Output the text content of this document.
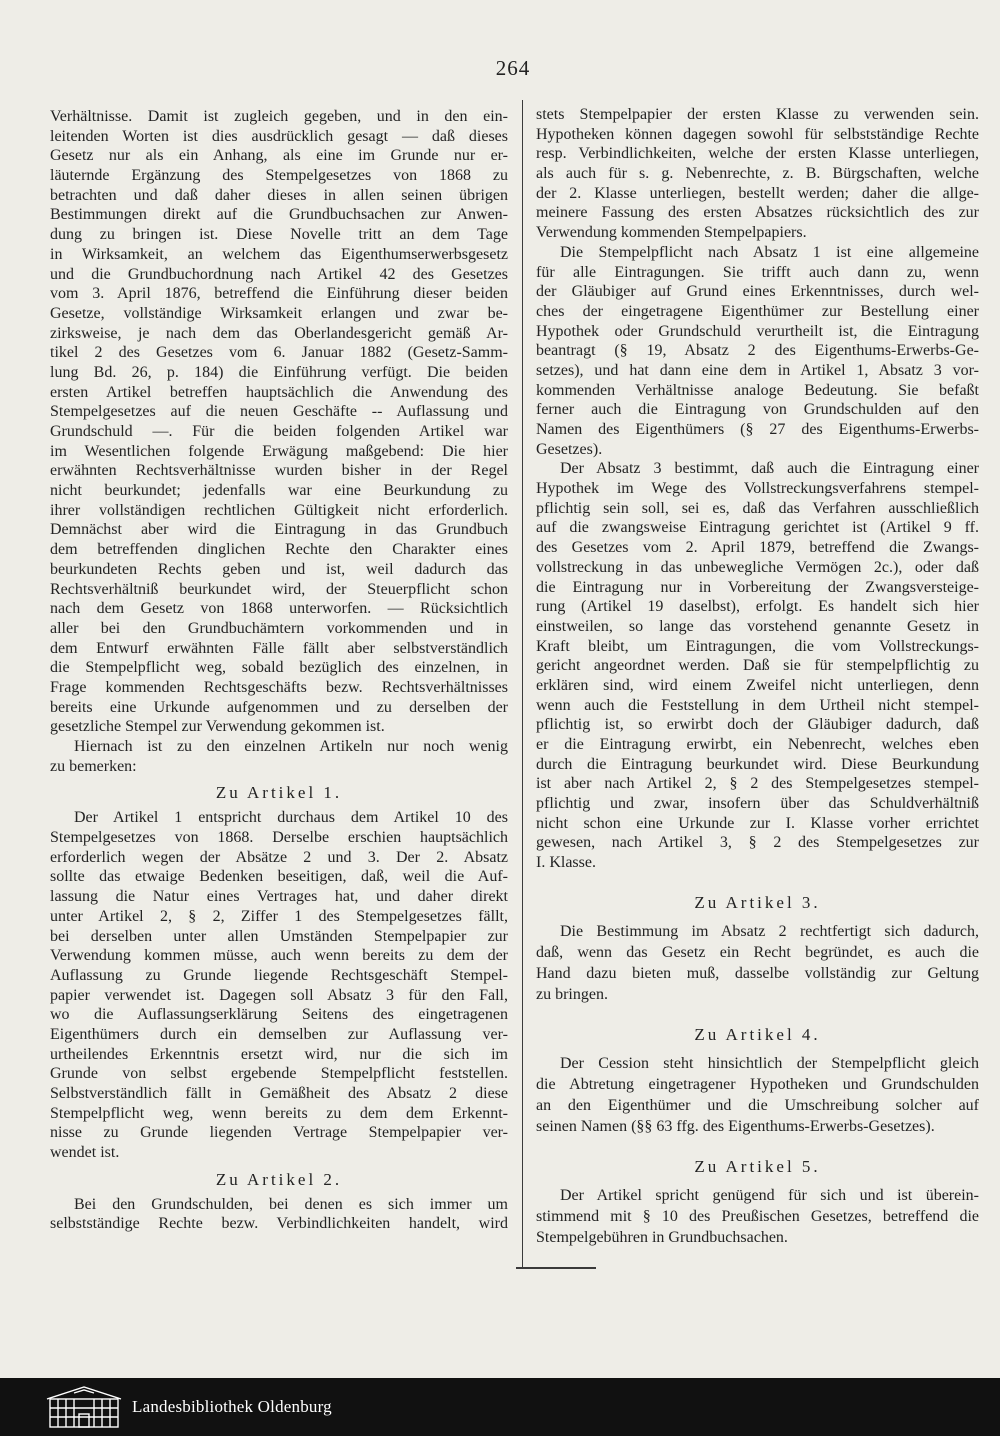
264
Verhältnisse. Damit ist zugleich gegeben, und in den ein-
leitenden Worten ist dies ausdrücklich gesagt — daß dieses
Gesetz nur als ein Anhang, als eine im Grunde nur er-
läuternde Ergänzung des Stempelgesetzes von 1868 zu
betrachten und daß daher dieses in allen seinen übrigen
Bestimmungen direkt auf die Grundbuchsachen zur Anwen-
dung zu bringen ist. Diese Novelle tritt an dem Tage
in Wirksamkeit, an welchem das Eigenthumserwerbsgesetz
und die Grundbuchordnung nach Artikel 42 des Gesetzes
vom 3. April 1876, betreffend die Einführung dieser beiden
Gesetze, vollständige Wirksamkeit erlangen und zwar be-
zirksweise, je nach dem das Oberlandesgericht gemäß Ar-
tikel 2 des Gesetzes vom 6. Januar 1882 (Gesetz-Samm-
lung Bd. 26, p. 184) die Einführung verfügt. Die beiden
ersten Artikel betreffen hauptsächlich die Anwendung des
Stempelgesetzes auf die neuen Geschäfte -- Auflassung und
Grundschuld —. Für die beiden folgenden Artikel war
im Wesentlichen folgende Erwägung maßgebend: Die hier
erwähnten Rechtsverhältnisse wurden bisher in der Regel
nicht beurkundet; jedenfalls war eine Beurkundung zu
ihrer vollständigen rechtlichen Gültigkeit nicht erforderlich.
Demnächst aber wird die Eintragung in das Grundbuch
dem betreffenden dinglichen Rechte den Charakter eines
beurkundeten Rechts geben und ist, weil dadurch das
Rechtsverhältniß beurkundet wird, der Steuerpflicht schon
nach dem Gesetz von 1868 unterworfen. — Rücksichtlich
aller bei den Grundbuchämtern vorkommenden und in
dem Entwurf erwähnten Fälle fällt aber selbstverständlich
die Stempelpflicht weg, sobald bezüglich des einzelnen, in
Frage kommenden Rechtsgeschäfts bezw. Rechtsverhältnisses
bereits eine Urkunde aufgenommen und zu derselben der
gesetzliche Stempel zur Verwendung gekommen ist.
Hiernach ist zu den einzelnen Artikeln nur noch wenig
zu bemerken:
Zu Artikel 1.
Der Artikel 1 entspricht durchaus dem Artikel 10 des
Stempelgesetzes von 1868. Derselbe erschien hauptsächlich
erforderlich wegen der Absätze 2 und 3. Der 2. Absatz
sollte das etwaige Bedenken beseitigen, daß, weil die Auf-
lassung die Natur eines Vertrages hat, und daher direkt
unter Artikel 2, § 2, Ziffer 1 des Stempelgesetzes fällt,
bei derselben unter allen Umständen Stempelpapier zur
Verwendung kommen müsse, auch wenn bereits zu dem der
Auflassung zu Grunde liegende Rechtsgeschäft Stempel-
papier verwendet ist. Dagegen soll Absatz 3 für den Fall,
wo die Auflassungserklärung Seitens des eingetragenen
Eigenthümers durch ein demselben zur Auflassung ver-
urtheilendes Erkenntnis ersetzt wird, nur die sich im
Grunde von selbst ergebende Stempelpflicht feststellen.
Selbstverständlich fällt in Gemäßheit des Absatz 2 diese
Stempelpflicht weg, wenn bereits zu dem dem Erkennt-
nisse zu Grunde liegenden Vertrage Stempelpapier ver-
wendet ist.
Zu Artikel 2.
Bei den Grundschulden, bei denen es sich immer um
selbstständige Rechte bezw. Verbindlichkeiten handelt, wird
stets Stempelpapier der ersten Klasse zu verwenden sein.
Hypotheken können dagegen sowohl für selbstständige Rechte
resp. Verbindlichkeiten, welche der ersten Klasse unterliegen,
als auch für s. g. Nebenrechte, z. B. Bürgschaften, welche
der 2. Klasse unterliegen, bestellt werden; daher die allge-
meinere Fassung des ersten Absatzes rücksichtlich des zur
Verwendung kommenden Stempelpapiers.
Die Stempelpflicht nach Absatz 1 ist eine allgemeine
für alle Eintragungen. Sie trifft auch dann zu, wenn
der Gläubiger auf Grund eines Erkenntnisses, durch wel-
ches der eingetragene Eigenthümer zur Bestellung einer
Hypothek oder Grundschuld verurtheilt ist, die Eintragung
beantragt (§ 19, Absatz 2 des Eigenthums-Erwerbs-Ge-
setzes), und hat dann eine dem in Artikel 1, Absatz 3 vor-
kommenden Verhältnisse analoge Bedeutung. Sie befaßt
ferner auch die Eintragung von Grundschulden auf den
Namen des Eigenthümers (§ 27 des Eigenthums-Erwerbs-
Gesetzes).
Der Absatz 3 bestimmt, daß auch die Eintragung einer
Hypothek im Wege des Vollstreckungsverfahrens stempel-
pflichtig sein soll, sei es, daß das Verfahren ausschließlich
auf die zwangsweise Eintragung gerichtet ist (Artikel 9 ff.
des Gesetzes vom 2. April 1879, betreffend die Zwangs-
vollstreckung in das unbewegliche Vermögen 2c.), oder daß
die Eintragung nur in Vorbereitung der Zwangsversteige-
rung (Artikel 19 daselbst), erfolgt. Es handelt sich hier
einstweilen, so lange das vorstehend genannte Gesetz in
Kraft bleibt, um Eintragungen, die vom Vollstreckungs-
gericht angeordnet werden. Daß sie für stempelpflichtig zu
erklären sind, wird einem Zweifel nicht unterliegen, denn
wenn auch die Feststellung in dem Urtheil nicht stempel-
pflichtig ist, so erwirbt doch der Gläubiger dadurch, daß
er die Eintragung erwirbt, ein Nebenrecht, welches eben
durch die Eintragung beurkundet wird. Diese Beurkundung
ist aber nach Artikel 2, § 2 des Stempelgesetzes stempel-
pflichtig und zwar, insofern über das Schuldverhältniß
nicht schon eine Urkunde zur I. Klasse vorher errichtet
gewesen, nach Artikel 3, § 2 des Stempelgesetzes zur
I. Klasse.
Zu Artikel 3.
Die Bestimmung im Absatz 2 rechtfertigt sich dadurch,
daß, wenn das Gesetz ein Recht begründet, es auch die
Hand dazu bieten muß, dasselbe vollständig zur Geltung
zu bringen.
Zu Artikel 4.
Der Cession steht hinsichtlich der Stempelpflicht gleich
die Abtretung eingetragener Hypotheken und Grundschulden
an den Eigenthümer und die Umschreibung solcher auf
seinen Namen (§§ 63 ffg. des Eigenthums-Erwerbs-Gesetzes).
Zu Artikel 5.
Der Artikel spricht genügend für sich und ist überein-
stimmend mit § 10 des Preußischen Gesetzes, betreffend die
Stempelgebühren in Grundbuchsachen.
Landesbibliothek Oldenburg
